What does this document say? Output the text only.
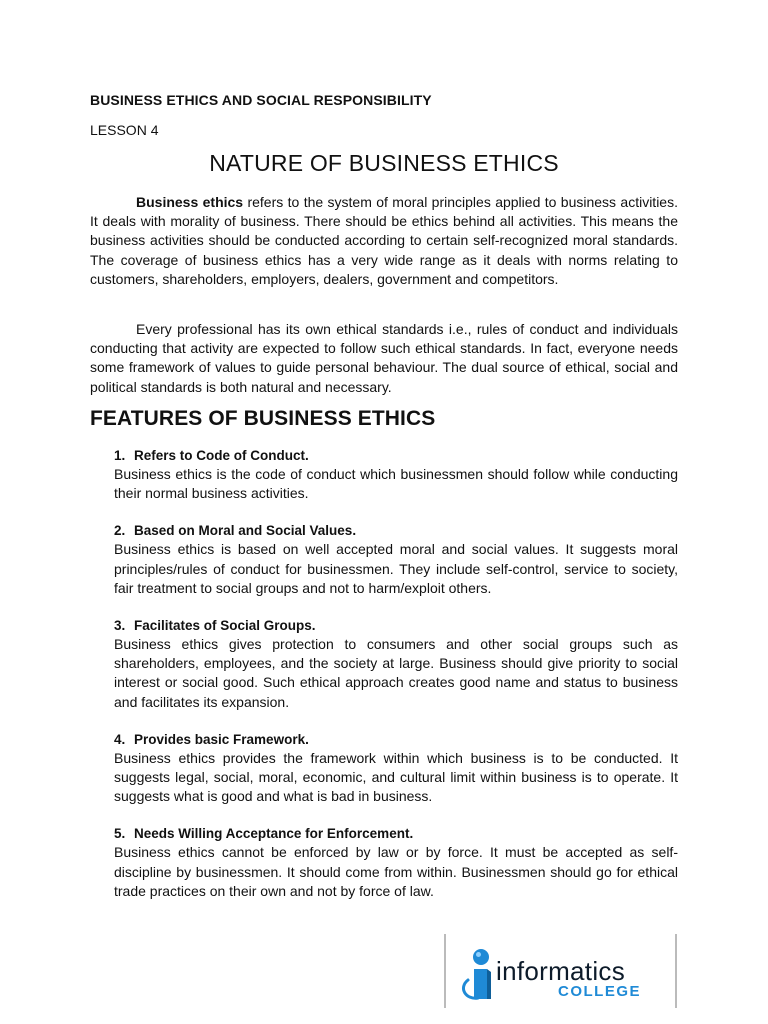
BUSINESS ETHICS AND SOCIAL RESPONSIBILITY
LESSON 4
NATURE OF BUSINESS ETHICS

Business ethics refers to the system of moral principles applied to business activities. It deals with morality of business. There should be ethics behind all activities. This means the business activities should be conducted according to certain self-recognized moral standards. The coverage of business ethics has a very wide range as it deals with norms relating to customers, shareholders, employers, dealers, government and competitors.

Every professional has its own ethical standards i.e., rules of conduct and individuals conducting that activity are expected to follow such ethical standards. In fact, everyone needs some framework of values to guide personal behaviour. The dual source of ethical, social and political standards is both natural and necessary.

FEATURES OF BUSINESS ETHICS
1. Refers to Code of Conduct.

Business ethics is the code of conduct which businessmen should follow while conducting their normal business activities.

2. Based on Moral and Social Values.

Business ethics is based on well accepted moral and social values. It suggests moral principles/rules of conduct for businessmen. They include self-control, service to society, fair treatment to social groups and not to harm/exploit others.

3. Facilitates of Social Groups.

Business ethics gives protection to consumers and other social groups such as shareholders, employees, and the society at large. Business should give priority to social interest or social good. Such ethical approach creates good name and status to business and facilitates its expansion.

4. Provides basic Framework.

Business ethics provides the framework within which business is to be conducted. It suggests legal, social, moral, economic, and cultural limit within business is to operate. It suggests what is good and what is bad in business.

5. Needs Willing Acceptance for Enforcement.

Business ethics cannot be enforced by law or by force. It must be accepted as self-discipline by businessmen. It should come from within. Businessmen should go for ethical trade practices on their own and not by force of law.

informatics
COLLEGE
